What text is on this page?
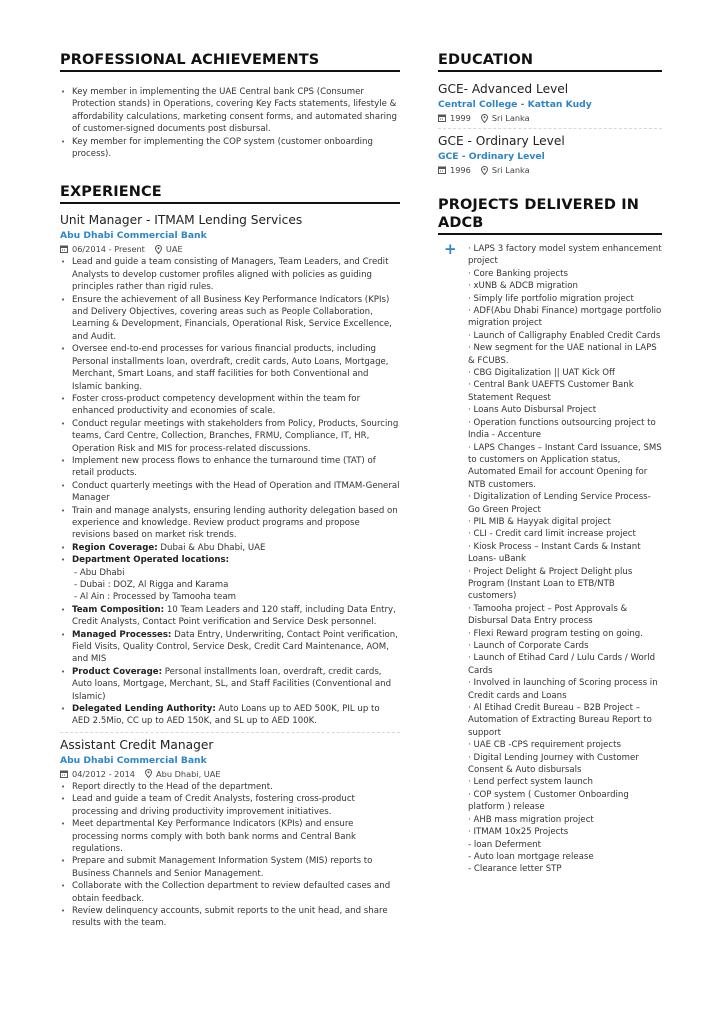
PROFESSIONAL ACHIEVEMENTS
• Key member in implementing the UAE Central bank CPS (Consumer Protection stands) in Operations, covering Key Facts statements, lifestyle & affordability calculations, marketing consent forms, and automated sharing of customer-signed documents post disbursal.
• Key member for implementing the COP system (customer onboarding process).
EXPERIENCE

Unit Manager - ITMAM Lending Services

Abu Dhabi Commercial Bank

06/2014 - Present	UAE
• Lead and guide a team consisting of Managers, Team Leaders, and Credit Analysts to develop customer profiles aligned with policies as guiding principles rather than rigid rules.
• Ensure the achievement of all Business Key Performance Indicators (KPIs) and Delivery Objectives, covering areas such as People Collaboration, Learning & Development, Financials, Operational Risk, Service Excellence, and Audit.
• Oversee end-to-end processes for various financial products, including Personal installments loan, overdraft, credit cards, Auto Loans, Mortgage, Merchant, Smart Loans, and staff facilities for both Conventional and Islamic banking.
• Foster cross-product competency development within the team for enhanced productivity and economies of scale.
• Conduct regular meetings with stakeholders from Policy, Products, Sourcing teams, Card Centre, Collection, Branches, FRMU, Compliance, IT, HR, Operation Risk and MIS for process-related discussions.
• Implement new process flows to enhance the turnaround time (TAT) of retail products.
• Conduct quarterly meetings with the Head of Operation and ITMAM-General Manager
• Train and manage analysts, ensuring lending authority delegation based on experience and knowledge. Review product programs and propose revisions based on market risk trends.
• Region Coverage: Dubai & Abu Dhabi, UAE
• Department Operated locations:
- Abu Dhabi
- Dubai : DOZ, Al Rigga and Karama
- Al Ain : Processed by Tamooha team
• Team Composition: 10 Team Leaders and 120 staff, including Data Entry, Credit Analysts, Contact Point verification and Service Desk personnel.
• Managed Processes: Data Entry, Underwriting, Contact Point verification, Field Visits, Quality Control, Service Desk, Credit Card Maintenance, AOM, and MIS
• Product Coverage: Personal installments loan, overdraft, credit cards, Auto loans, Mortgage, Merchant, SL, and Staff Facilities (Conventional and Islamic)
• Delegated Lending Authority: Auto Loans up to AED 500K, PIL up to AED 2.5Mio, CC up to AED 150K, and SL up to AED 100K.

Assistant Credit Manager

Abu Dhabi Commercial Bank

04/2012 - 2014	Abu Dhabi, UAE
• Report directly to the Head of the department.
• Lead and guide a team of Credit Analysts, fostering cross-product processing and driving productivity improvement initiatives.
• Meet departmental Key Performance Indicators (KPIs) and ensure processing norms comply with both bank norms and Central Bank regulations.
• Prepare and submit Management Information System (MIS) reports to Business Channels and Senior Management.
• Collaborate with the Collection department to review defaulted cases and obtain feedback.
• Review delinquency accounts, submit reports to the unit head, and share results with the team.
EDUCATION

GCE- Advanced Level

Central College - Kattan Kudy

1999	Sri Lanka

GCE - Ordinary Level

GCE - Ordinary Level

1996	Sri Lanka
PROJECTS DELIVERED IN
ADCB
+ · LAPS 3 factory model system enhancement project
· Core Banking projects
· xUNB & ADCB migration
· Simply life portfolio migration project
· ADF(Abu Dhabi Finance) mortgage portfolio migration project
· Launch of Calligraphy Enabled Credit Cards
· New segment for the UAE national in LAPS & FCUBS.
· CBG Digitalization || UAT Kick Off
· Central Bank UAEFTS Customer Bank Statement Request
· Loans Auto Disbursal Project
· Operation functions outsourcing project to India - Accenture
· LAPS Changes – Instant Card Issuance, SMS to customers on Application status, Automated Email for account Opening for NTB customers.
· Digitalization of Lending Service Process- Go Green Project
· PIL MIB & Hayyak digital project
· CLI - Credit card limit increase project
· Kiosk Process – Instant Cards & Instant Loans- uBank
· Project Delight & Project Delight plus Program (Instant Loan to ETB/NTB customers)
· Tamooha project – Post Approvals & Disbursal Data Entry process
· Flexi Reward program testing on going.
· Launch of Corporate Cards
· Launch of Etihad Card / Lulu Cards / World Cards
· Involved in launching of Scoring process in Credit cards and Loans
· Al Etihad Credit Bureau – B2B Project – Automation of Extracting Bureau Report to support
· UAE CB -CPS requirement projects
· Digital Lending Journey with Customer Consent & Auto disbursals
· Lend perfect system launch
· COP system ( Customer Onboarding platform ) release
· AHB mass migration project
· ITMAM 10x25 Projects
- loan Deferment
- Auto loan mortgage release
- Clearance letter STP
